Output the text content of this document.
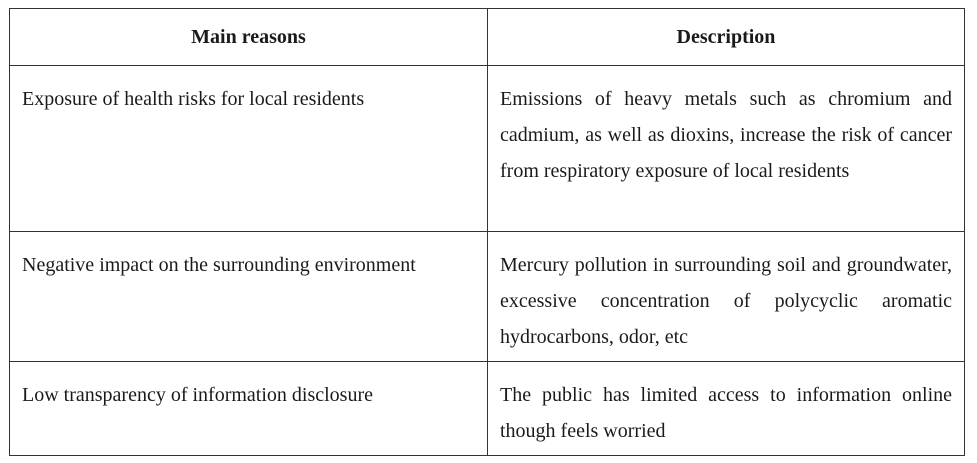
Main reasons	Description
Exposure of health risks for local residents	Emissions of heavy metals such as chromium and cadmium, as well as dioxins, increase the risk of cancer from respiratory exposure of local residents
Negative impact on the surrounding environment	Mercury pollution in surrounding soil and groundwater, excessive concentration of polycyclic aromatic hydrocarbons, odor, etc
Low transparency of information disclosure	The public has limited access to information online though feels worried
